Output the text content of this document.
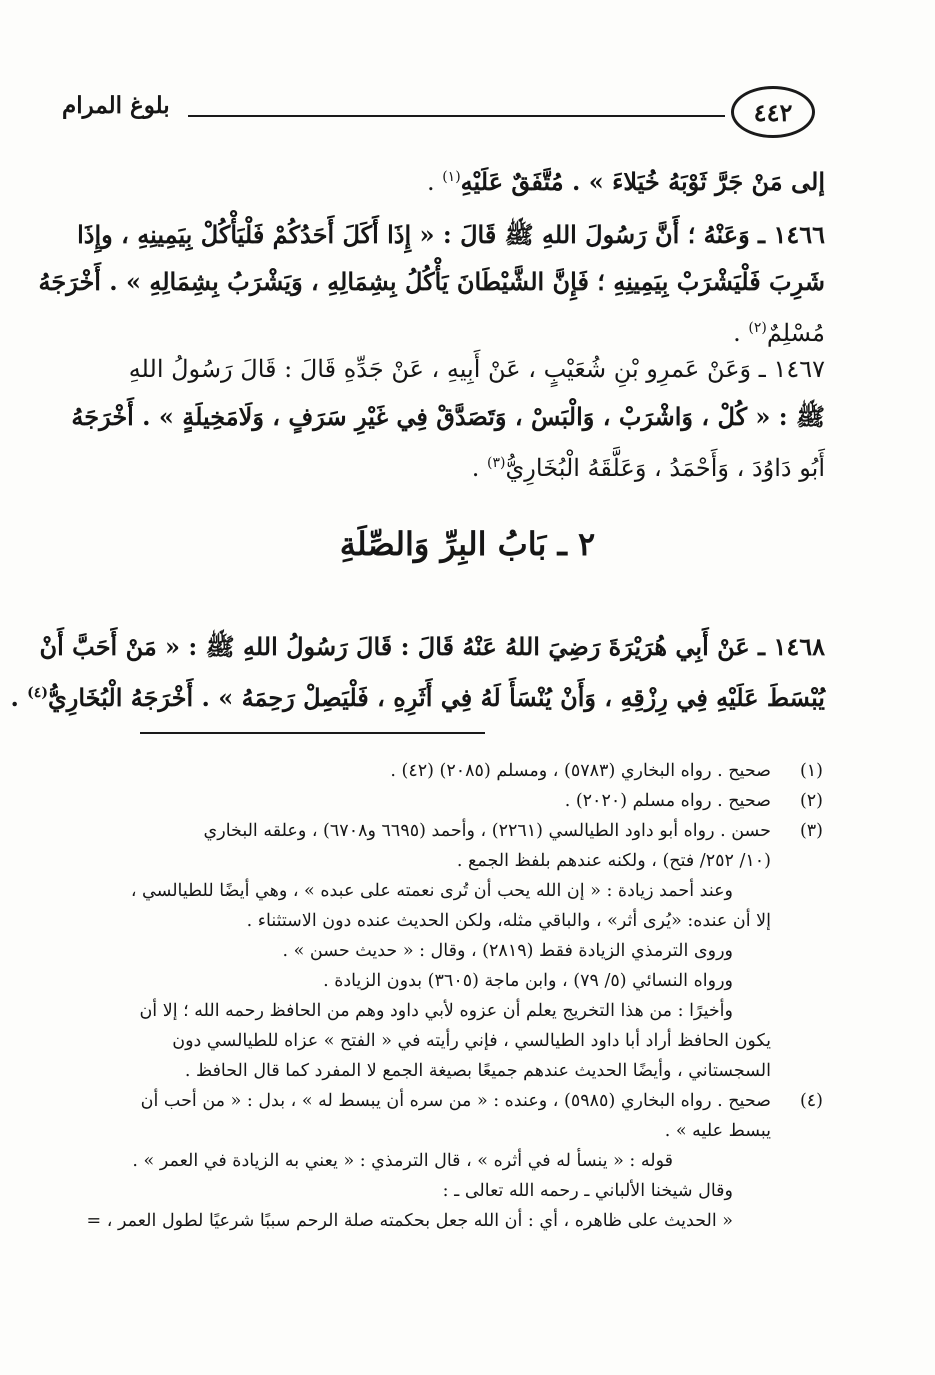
٤٤٢
بلوغ المرام
إلى مَنْ جَرَّ ثَوْبَهُ خُيَلاءَ » . مُتَّفَقٌ عَلَيْهِ$^{(١)}$ .
١٤٦٦ ـ وَعَنْهُ ؛ أَنَّ رَسُولَ اللهِ ﷺ قَالَ : « إِذَا أَكَلَ أَحَدُكُمْ فَلْيَأْكُلْ بِيَمِينِهِ ، وإِذَا
شَرِبَ فَلْيَشْرَبْ بِيَمِينِهِ ؛ فَإِنَّ الشَّيْطَانَ يَأْكُلُ بِشِمَالِهِ ، وَيَشْرَبُ بِشِمَالِهِ » . أَخْرَجَهُ
مُسْلِمٌ$^{(٢)}$ .
١٤٦٧ ـ وَعَنْ عَمرِو بْنِ شُعَيْبٍ ، عَنْ أَبِيهِ ، عَنْ جَدِّهِ قَالَ : قَالَ رَسُولُ اللهِ
ﷺ : « كُلْ ، وَاشْرَبْ ، وَالْبَسْ ، وَتَصَدَّقْ فِي غَيْرِ سَرَفٍ ، وَلَامَخِيلَةٍ » . أَخْرَجَهُ
أَبُو دَاوُدَ ، وَأَحْمَدُ ، وَعَلَّقَهُ الْبُخَارِيُّ$^{(٣)}$ .
٢ ـ بَابُ البِرِّ وَالصِّلَةِ
١٤٦٨ ـ عَنْ أَبِي هُرَيْرَةَ رَضِيَ اللهُ عَنْهُ قَالَ : قَالَ رَسُولُ اللهِ ﷺ : « مَنْ أَحَبَّ أَنْ
يُبْسَطَ عَلَيْهِ فِي رِزْقِهِ ، وَأَنْ يُنْسَأَ لَهُ فِي أَثَرِهِ ، فَلْيَصِلْ رَحِمَهُ » . أَخْرَجَهُ الْبُخَارِيُّ$^{(٤)}$ .
(١)
صحيح . رواه البخاري (٥٧٨٣) ، ومسلم (٢٠٨٥) (٤٢) .
(٢)
صحيح . رواه مسلم (٢٠٢٠) .
(٣)
حسن . رواه أبو داود الطيالسي (٢٢٦١) ، وأحمد (٦٦٩٥ و٦٧٠٨) ، وعلقه البخاري
(١٠/ ٢٥٢/ فتح) ، ولكنه عندهم بلفظ الجمع .
وعند أحمد زيادة : « إن الله يحب أن تُرى نعمته على عبده » ، وهي أيضًا للطيالسي ،
إلا أن عنده: «يُرى أثر» ، والباقي مثله، ولكن الحديث عنده دون الاستثناء .
وروى الترمذي الزيادة فقط (٢٨١٩) ، وقال : « حديث حسن » .
ورواه النسائي (٥/ ٧٩) ، وابن ماجة (٣٦٠٥) بدون الزيادة .
وأخيرًا : من هذا التخريج يعلم أن عزوه لأبي داود وهم من الحافظ رحمه الله ؛ إلا أن
يكون الحافظ أراد أبا داود الطيالسي ، فإني رأيته في « الفتح » عزاه للطيالسي دون
السجستاني ، وأيضًا الحديث عندهم جميعًا بصيغة الجمع لا المفرد كما قال الحافظ .
(٤)
صحيح . رواه البخاري (٥٩٨٥) ، وعنده : « من سره أن يبسط له » ، بدل : « من أحب أن
يبسط عليه » .
قوله : « ينسأ له في أثره » ، قال الترمذي : « يعني به الزيادة في العمر » .
وقال شيخنا الألباني ـ رحمه الله تعالى ـ :
« الحديث على ظاهره ، أي : أن الله جعل بحكمته صلة الرحم سببًا شرعيًا لطول العمر ، =
